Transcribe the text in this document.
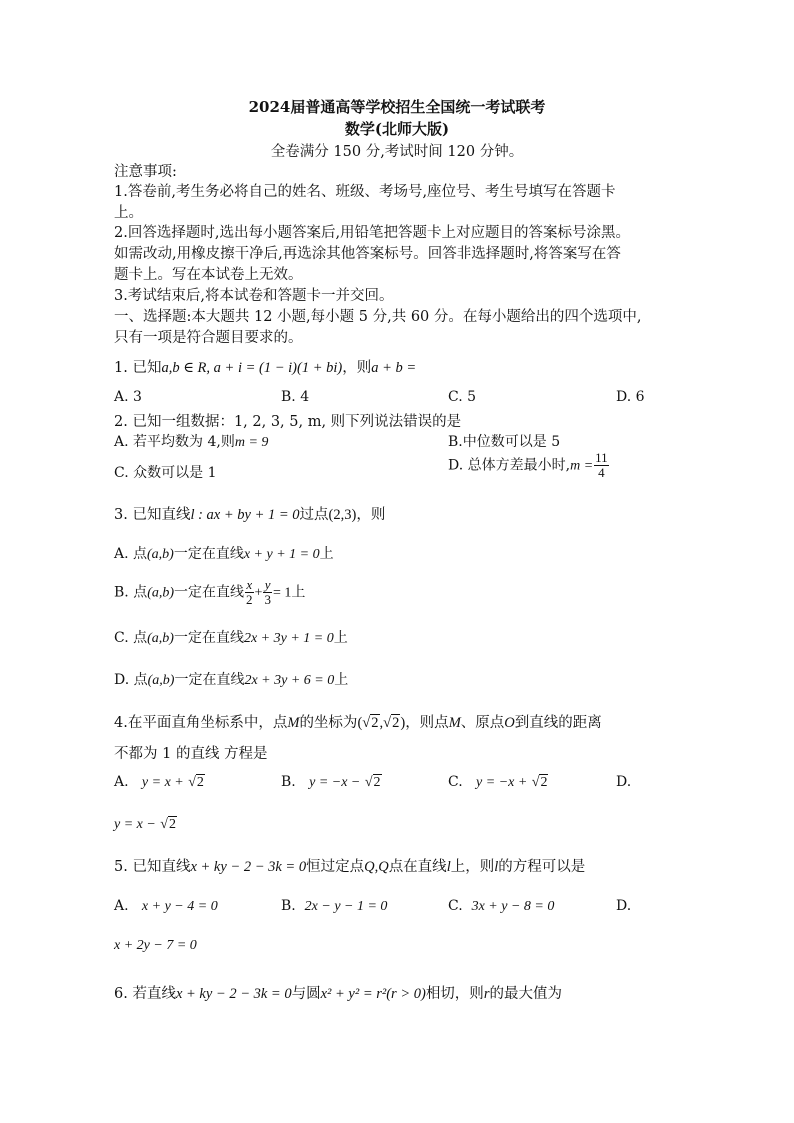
2024届普通高等学校招生全国统一考试联考
数学(北师大版)
全卷满分 150 分,考试时间 120 分钟。
注意事项:
1.答卷前,考生务必将自己的姓名、班级、考场号,座位号、考生号填写在答题卡
上。
2.回答选择题时,选出每小题答案后,用铅笔把答题卡上对应题目的答案标号涂黑。
如需改动,用橡皮擦干净后,再选涂其他答案标号。回答非选择题时,将答案写在答
题卡上。写在本试卷上无效。
3.考试结束后,将本试卷和答题卡一并交回。
一、选择题:本大题共 12 小题,每小题 5 分,共 60 分。在每小题给出的四个选项中,
只有一项是符合题目要求的。
1. 已知a,b ∈ R, a + i = (1 − i)(1 + bi)，则a + b =
A. 3	B. 4	C. 5	D. 6
2. 已知一组数据：1, 2, 3, 5, m, 则下列说法错误的是
A. 若平均数为 4,则m = 9	B.中位数可以是 5
C. 众数可以是 1	D. 总体方差最小时$,m = \frac{11}{4}$
3. 已知直线l : ax + by + 1 = 0过点(2,3)，则
A. 点(a,b)一定在直线x + y + 1 = 0上
B. 点(a,b)一定在直线 $\frac{x}{2} + \frac{y}{3} = 1$上
C. 点(a,b)一定在直线2x + 3y + 1 = 0上
D. 点(a,b)一定在直线2x + 3y + 6 = 0上
4.在平面直角坐标系中，点M的坐标为(√2,√2)，则点M、原点O到直线的距离
不都为 1 的直线 方程是
A. y = x + √2	B. y = −x − √2	C. y = −x + √2	D.
y = x − √2
5. 已知直线x + ky − 2 − 3k = 0恒过定点Q,Q点在直线l上，则l的方程可以是
A. x + y − 4 = 0	B. 2x − y − 1 = 0	C. 3x + y − 8 = 0	D.
x + 2y − 7 = 0
6. 若直线x + ky − 2 − 3k = 0与圆x² + y² = r²(r > 0)相切，则r的最大值为
